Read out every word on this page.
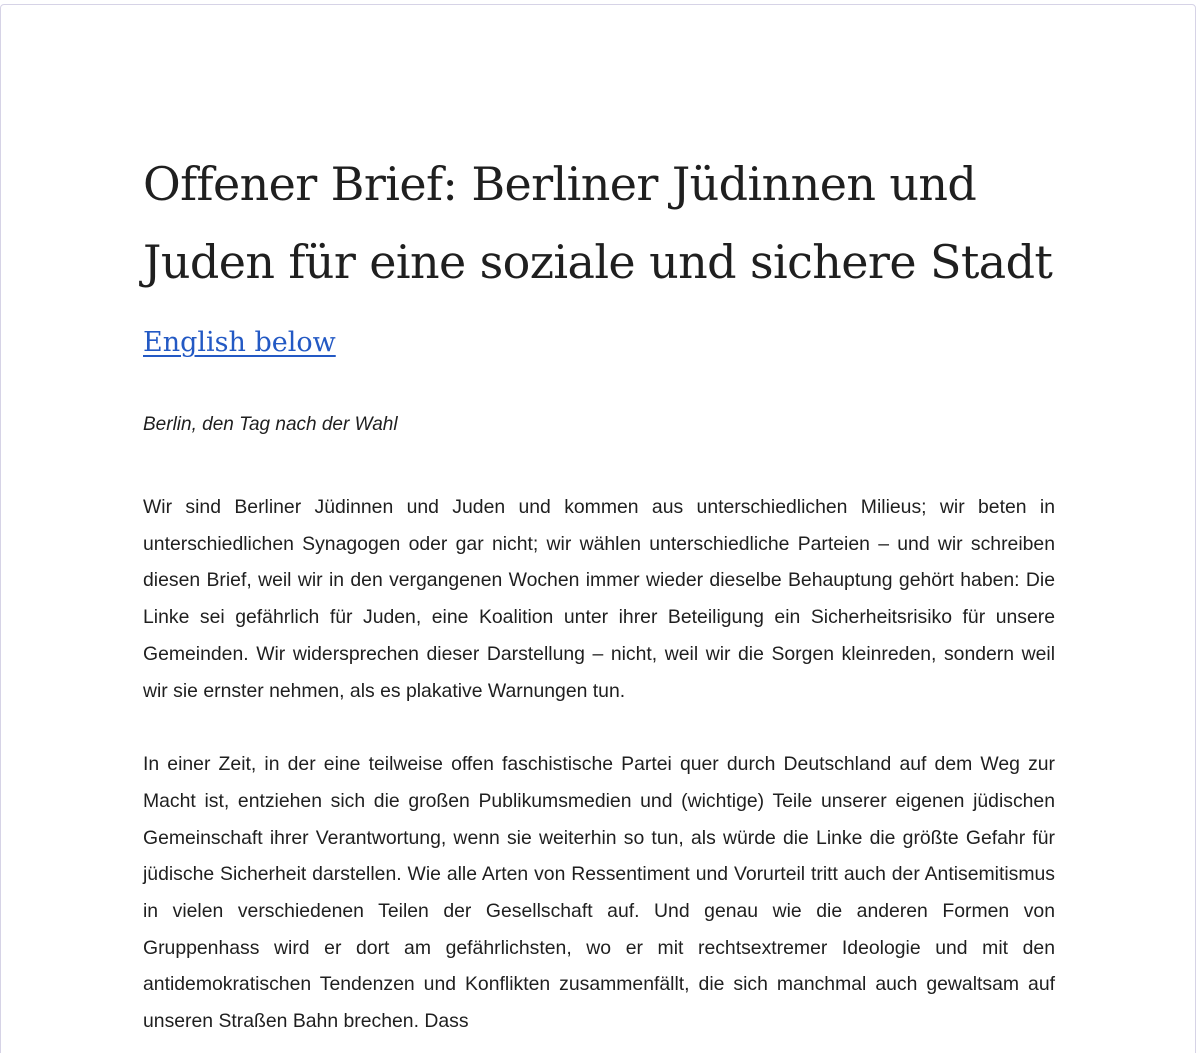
Offener Brief: Berliner Jüdinnen und Juden für eine soziale und sichere Stadt
English below
Berlin, den Tag nach der Wahl

Wir sind Berliner Jüdinnen und Juden und kommen aus unterschiedlichen Milieus; wir beten in unterschiedlichen Synagogen oder gar nicht; wir wählen unterschiedliche Parteien – und wir schreiben diesen Brief, weil wir in den vergangenen Wochen immer wieder dieselbe Behauptung gehört haben: Die Linke sei gefährlich für Juden, eine Koalition unter ihrer Beteiligung ein Sicherheitsrisiko für unsere Gemeinden. Wir widersprechen dieser Darstellung – nicht, weil wir die Sorgen kleinreden, sondern weil wir sie ernster nehmen, als es plakative Warnungen tun.

In einer Zeit, in der eine teilweise offen faschistische Partei quer durch Deutschland auf dem Weg zur Macht ist, entziehen sich die großen Publikumsmedien und (wichtige) Teile unserer eigenen jüdischen Gemeinschaft ihrer Verantwortung, wenn sie weiterhin so tun, als würde die Linke die größte Gefahr für jüdische Sicherheit darstellen. Wie alle Arten von Ressentiment und Vorurteil tritt auch der Antisemitismus in vielen verschiedenen Teilen der Gesellschaft auf. Und genau wie die anderen Formen von Gruppenhass wird er dort am gefährlichsten, wo er mit rechtsextremer Ideologie und mit den antidemokratischen Tendenzen und Konflikten zusammenfällt, die sich manchmal auch gewaltsam auf unseren Straßen Bahn brechen. Dass
